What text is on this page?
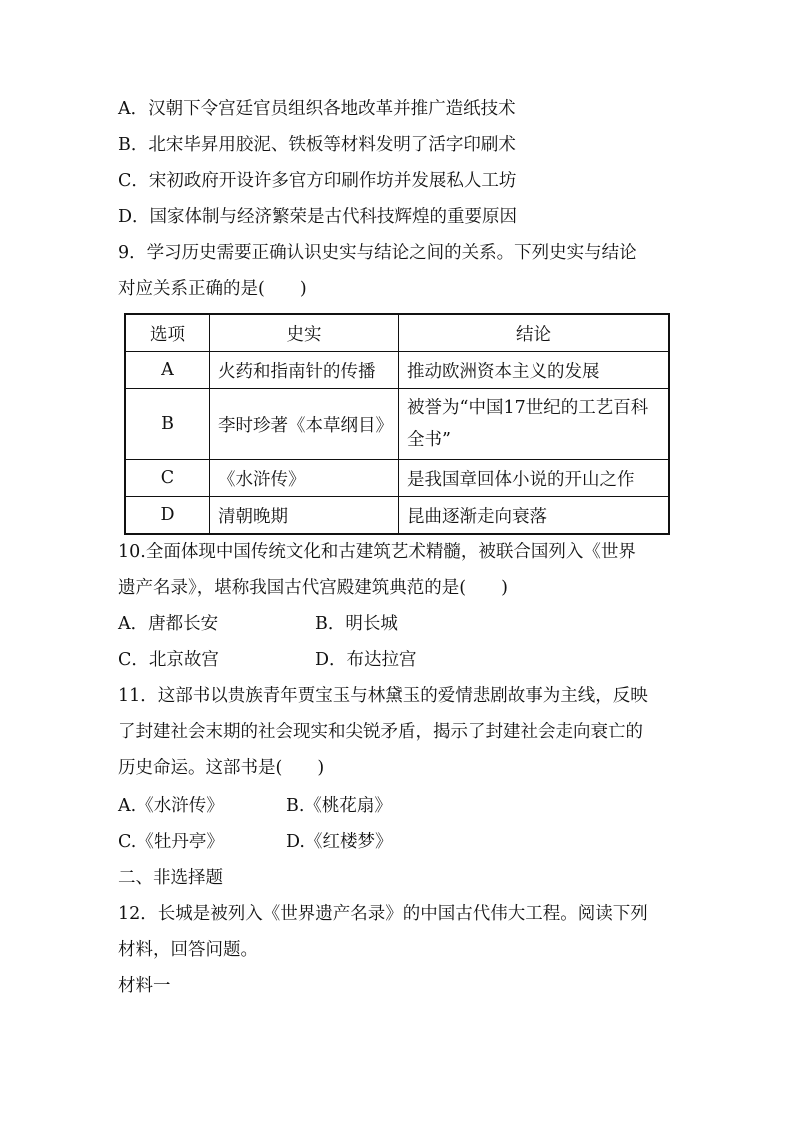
A．汉朝下令宫廷官员组织各地改革并推广造纸技术
B．北宋毕昇用胶泥、铁板等材料发明了活字印刷术
C．宋初政府开设许多官方印刷作坊并发展私人工坊
D．国家体制与经济繁荣是古代科技辉煌的重要原因
9．学习历史需要正确认识史实与结论之间的关系。下列史实与结论
对应关系正确的是(　　)
选项	史实	结论
A	火药和指南针的传播	推动欧洲资本主义的发展
B	李时珍著《本草纲目》	被誉为“中国17世纪的工艺百科全书”
C	《水浒传》	是我国章回体小说的开山之作
D	清朝晚期	昆曲逐渐走向衰落
10.全面体现中国传统文化和古建筑艺术精髓，被联合国列入《世界
遗产名录》，堪称我国古代宫殿建筑典范的是(　　)
A．唐都长安	B．明长城
C．北京故宫	D．布达拉宫
11．这部书以贵族青年贾宝玉与林黛玉的爱情悲剧故事为主线，反映
了封建社会末期的社会现实和尖锐矛盾，揭示了封建社会走向衰亡的
历史命运。这部书是(　　)
A.《水浒传》	B.《桃花扇》
C.《牡丹亭》	D.《红楼梦》
二、非选择题
12．长城是被列入《世界遗产名录》的中国古代伟大工程。阅读下列
材料，回答问题。
材料一
